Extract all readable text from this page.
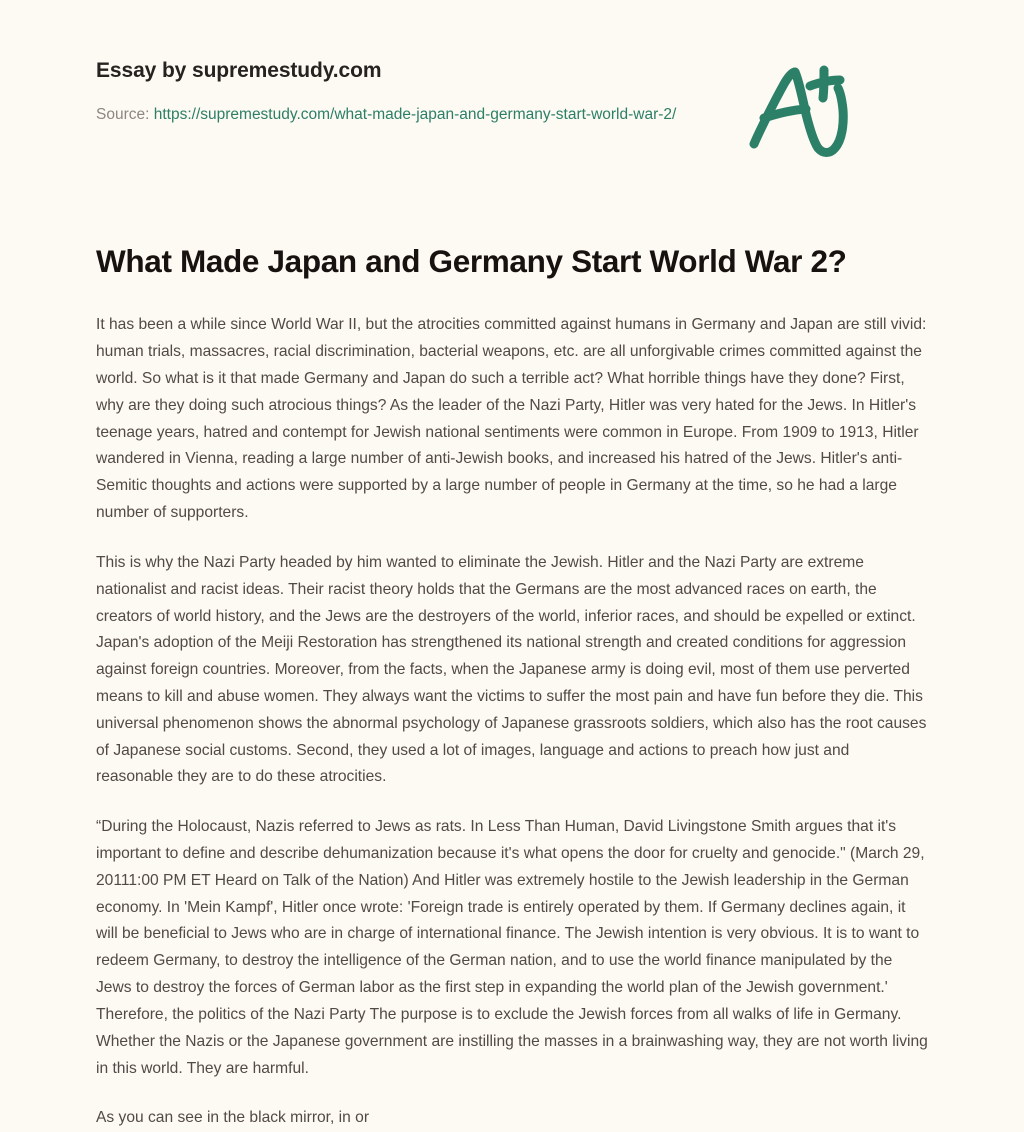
Essay by supremestudy.com
Source: https://supremestudy.com/what-made-japan-and-germany-start-world-war-2/
What Made Japan and Germany Start World War 2?

It has been a while since World War II, but the atrocities committed against humans in Germany and Japan are still vivid: human trials, massacres, racial discrimination, bacterial weapons, etc. are all unforgivable crimes committed against the world. So what is it that made Germany and Japan do such a terrible act? What horrible things have they done? First, why are they doing such atrocious things? As the leader of the Nazi Party, Hitler was very hated for the Jews. In Hitler's teenage years, hatred and contempt for Jewish national sentiments were common in Europe. From 1909 to 1913, Hitler wandered in Vienna, reading a large number of anti-Jewish books, and increased his hatred of the Jews. Hitler's anti-Semitic thoughts and actions were supported by a large number of people in Germany at the time, so he had a large number of supporters.

This is why the Nazi Party headed by him wanted to eliminate the Jewish. Hitler and the Nazi Party are extreme nationalist and racist ideas. Their racist theory holds that the Germans are the most advanced races on earth, the creators of world history, and the Jews are the destroyers of the world, inferior races, and should be expelled or extinct. Japan's adoption of the Meiji Restoration has strengthened its national strength and created conditions for aggression against foreign countries. Moreover, from the facts, when the Japanese army is doing evil, most of them use perverted means to kill and abuse women. They always want the victims to suffer the most pain and have fun before they die. This universal phenomenon shows the abnormal psychology of Japanese grassroots soldiers, which also has the root causes of Japanese social customs. Second, they used a lot of images, language and actions to preach how just and reasonable they are to do these atrocities.

“During the Holocaust, Nazis referred to Jews as rats. In Less Than Human, David Livingstone Smith argues that it's important to define and describe dehumanization because it's what opens the door for cruelty and genocide." (March 29, 20111:00 PM ET Heard on Talk of the Nation) And Hitler was extremely hostile to the Jewish leadership in the German economy. In 'Mein Kampf', Hitler once wrote: 'Foreign trade is entirely operated by them. If Germany declines again, it will be beneficial to Jews who are in charge of international finance. The Jewish intention is very obvious. It is to want to redeem Germany, to destroy the intelligence of the German nation, and to use the world finance manipulated by the Jews to destroy the forces of German labor as the first step in expanding the world plan of the Jewish government.' Therefore, the politics of the Nazi Party The purpose is to exclude the Jewish forces from all walks of life in Germany. Whether the Nazis or the Japanese government are instilling the masses in a brainwashing way, they are not worth living in this world. They are harmful.

As you can see in the black mirror, in or
